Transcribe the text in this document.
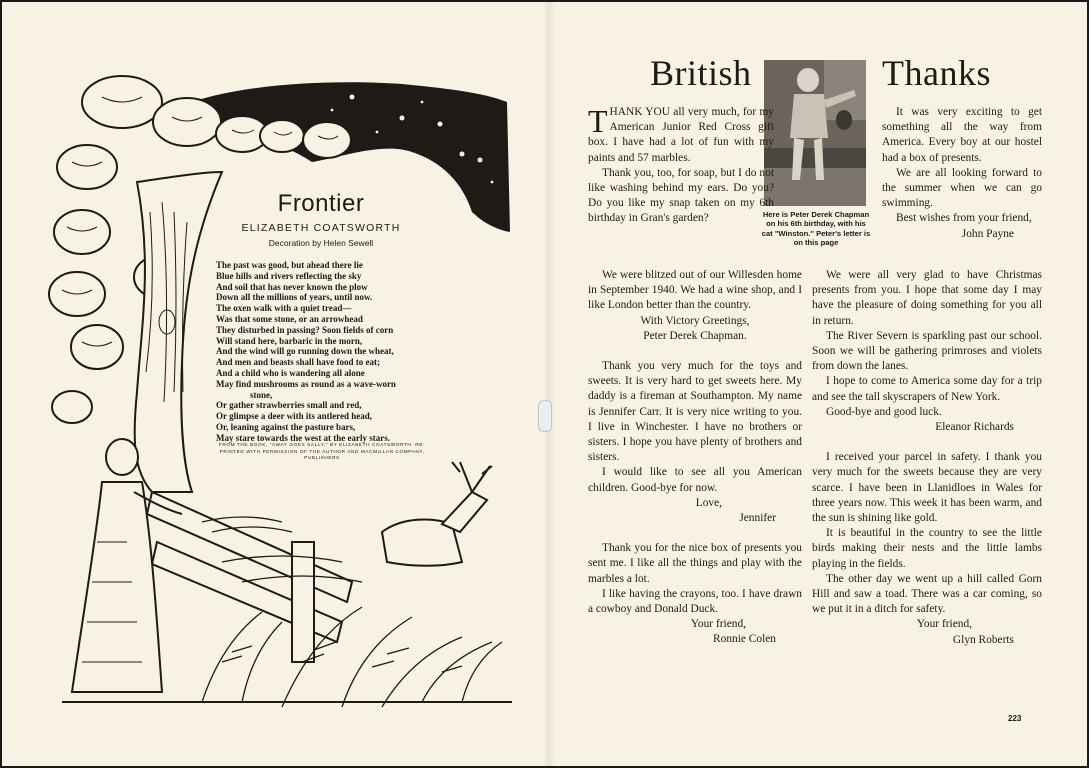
Frontier
ELIZABETH COATSWORTH
Decoration by Helen Sewell
The past was good, but ahead there lie
Blue hills and rivers reflecting the sky
And soil that has never known the plow
Down all the millions of years, until now.
The oxen walk with a quiet tread—
Was that some stone, or an arrowhead
They disturbed in passing? Soon fields of corn
Will stand here, barbaric in the morn,
And the wind will go running down the wheat,
And men and beasts shall have food to eat;
And a child who is wandering all alone
May find mushrooms as round as a wave-worn
stone,
Or gather strawberries small and red,
Or glimpse a deer with its antlered head,
Or, leaning against the pasture bars,
May stare towards the west at the early stars.
FROM THE BOOK, "AWAY GOES SALLY," BY ELIZABETH COATSWORTH. RE-
PRINTED WITH PERMISSION OF THE AUTHOR AND MACMILLAN COMPANY, PUBLISHERS
British	Thanks
Here is Peter Derek Chapman on his 6th birthday, with his cat "Winston." Peter's letter is on this page

THANK YOU all very much, for my American Junior Red Cross gift box. I have had a lot of fun with my paints and 57 marbles.

Thank you, too, for soap, but I do not like washing behind my ears. Do you? Do you like my snap taken on my 6th birthday in Gran's garden?

We were blitzed out of our Willesden home in September 1940. We had a wine shop, and I like London better than the country.

With Victory Greetings,

Peter Derek Chapman.

Thank you very much for the toys and sweets. It is very hard to get sweets here. My daddy is a fireman at Southampton. My name is Jennifer Carr. It is very nice writing to you. I live in Winchester. I have no brothers or sisters. I hope you have plenty of brothers and sisters.

I would like to see all you American children. Good-bye for now.

Love,

Jennifer

Thank you for the nice box of presents you sent me. I like all the things and play with the marbles a lot.

I like having the crayons, too. I have drawn a cowboy and Donald Duck.

Your friend,

Ronnie Colen

It was very exciting to get something all the way from America. Every boy at our hostel had a box of presents.

We are all looking forward to the summer when we can go swimming.

Best wishes from your friend,

John Payne

We were all very glad to have Christmas presents from you. I hope that some day I may have the pleasure of doing something for you all in return.

The River Severn is sparkling past our school. Soon we will be gathering primroses and violets from down the lanes.

I hope to come to America some day for a trip and see the tall skyscrapers of New York.

Good-bye and good luck.

Eleanor Richards

I received your parcel in safety. I thank you very much for the sweets because they are very scarce. I have been in Llanidloes in Wales for three years now. This week it has been warm, and the sun is shining like gold.

It is beautiful in the country to see the little birds making their nests and the little lambs playing in the fields.

The other day we went up a hill called Gorn Hill and saw a toad. There was a car coming, so we put it in a ditch for safety.

Your friend,

Glyn Roberts

223
